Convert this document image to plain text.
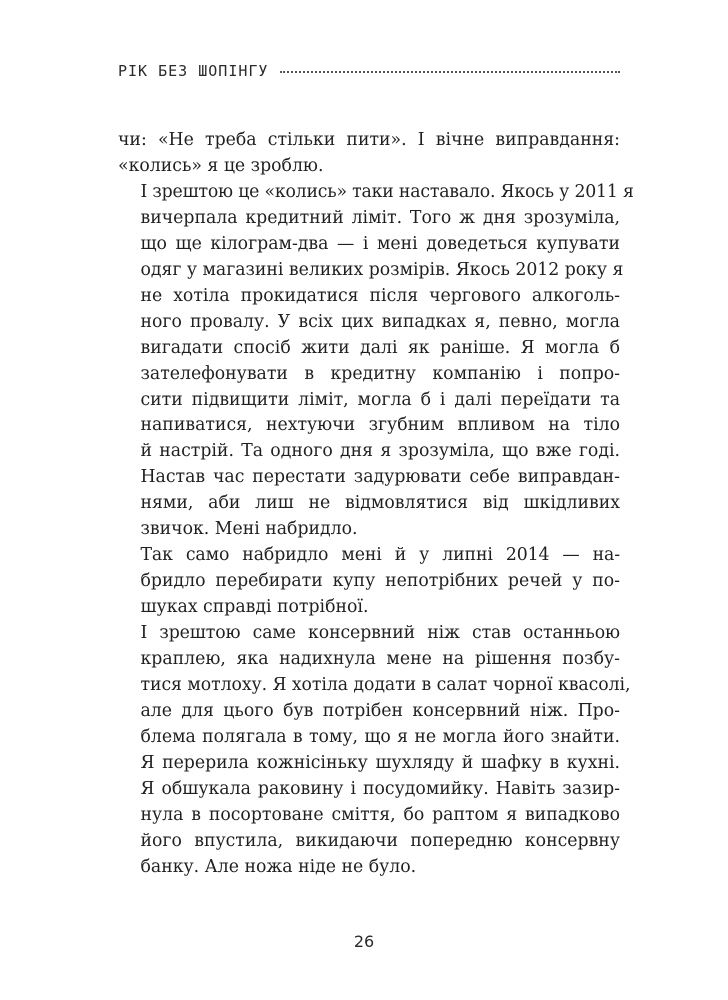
РІК БЕЗ ШОПІНГУ

чи: «Не треба стільки пити». І вічне виправдання:
«колись» я це зроблю.

І зрештою це «колись» таки наставало. Якось у 2011 я
вичерпала кредитний ліміт. Того ж дня зрозуміла,
що ще кілограм-два — і мені доведеться купувати
одяг у магазині великих розмірів. Якось 2012 року я
не хотіла прокидатися після чергового алкоголь-
ного провалу. У всіх цих випадках я, певно, могла
вигадати спосіб жити далі як раніше. Я могла б
зателефонувати в кредитну компанію і попро-
сити підвищити ліміт, могла б і далі переїдати та
напиватися, нехтуючи згубним впливом на тіло
й настрій. Та одного дня я зрозуміла, що вже годі.
Настав час перестати задурювати себе виправдан-
нями, аби лиш не відмовлятися від шкідливих
звичок. Мені набридло.

Так само набридло мені й у липні 2014 — на-
бридло перебирати купу непотрібних речей у по-
шуках справді потрібної.

І зрештою саме консервний ніж став останньою
краплею, яка надихнула мене на рішення позбу-
тися мотлоху. Я хотіла додати в салат чорної квасолі,
але для цього був потрібен консервний ніж. Про-
блема полягала в тому, що я не могла його знайти.
Я перерила кожнісіньку шухляду й шафку в кухні.
Я обшукала раковину і посудомийку. Навіть зазир-
нула в посортоване сміття, бо раптом я випадково
його впустила, викидаючи попередню консервну
банку. Але ножа ніде не було.

26
